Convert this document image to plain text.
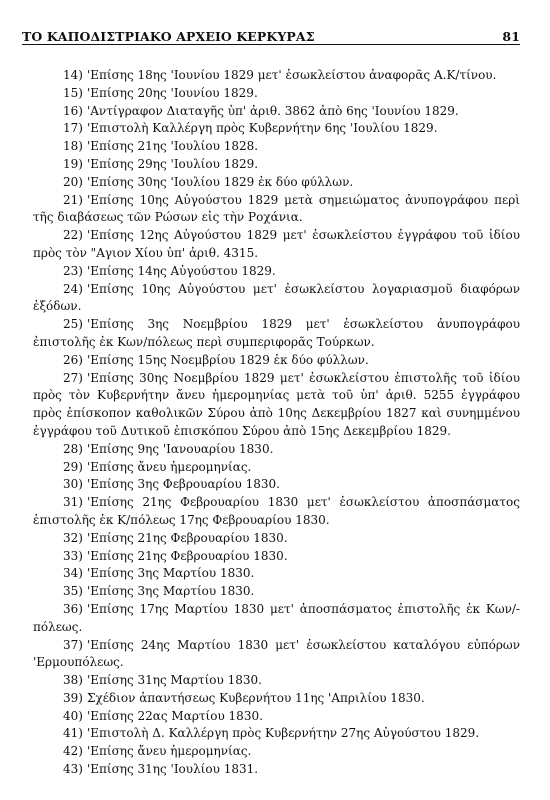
ΤΟ ΚΑΠΟΔΙΣΤΡΙΑΚΟ ΑΡΧΕΙΟ ΚΕΡΚΥΡΑΣ	81

14) 'Επίσης 18ης 'Ιουνίου 1829 μετ' ἐσωκλείστου ἀναφορᾶς Α.Κ/τίνου.

15) 'Επίσης 20ης 'Ιουνίου 1829.

16) 'Αντίγραφον Διαταγῆς ὑπ' ἀριθ. 3862 ἀπὸ 6ης 'Ιουνίου 1829.

17) 'Επιστολὴ Καλλέργη πρὸς Κυβερνήτην 6ης 'Ιουλίου 1829.

18) 'Επίσης 21ης 'Ιουλίου 1828.

19) 'Επίσης 29ης 'Ιουλίου 1829.

20) 'Επίσης 30ης 'Ιουλίου 1829 ἐκ δύο φύλλων.

21) 'Επίσης 10ης Αὐγούστου 1829 μετὰ σημειώματος ἀνυπογράφου περὶ τῆς διαβάσεως τῶν Ρώσων εἰς τὴν Ροχάνια.

22) 'Επίσης 12ης Αὐγούστου 1829 μετ' ἐσωκλείστου ἐγγράφου τοῦ ἰδίου πρὸς τὸν "Αγιον Χίου ὑπ' ἀριθ. 4315.

23) 'Επίσης 14ης Αὐγούστου 1829.

24) 'Επίσης 10ης Αὐγούστου μετ' ἐσωκλείστου λογαριασμοῦ διαφόρων ἐξόδων.

25) 'Επίσης 3ης Νοεμβρίου 1829 μετ' ἐσωκλείστου ἀνυπογράφου ἐπιστολῆς ἐκ Κων/πόλεως περὶ συμπεριφορᾶς Τούρκων.

26) 'Επίσης 15ης Νοεμβρίου 1829 ἐκ δύο φύλλων.

27) 'Επίσης 30ης Νοεμβρίου 1829 μετ' ἐσωκλείστου ἐπιστολῆς τοῦ ἰδίου πρὸς τὸν Κυβερνήτην ἄνευ ἡμερομηνίας μετὰ τοῦ ὑπ' ἀριθ. 5255 ἐγγράφου πρὸς ἐπίσκοπον καθολικῶν Σύρου ἀπὸ 10ης Δεκεμβρίου 1827 καὶ συνημμένου ἐγγράφου τοῦ Δυτικοῦ ἐπισκόπου Σύρου ἀπὸ 15ης Δεκεμβρίου 1829.

28) 'Επίσης 9ης 'Ιανουαρίου 1830.

29) 'Επίσης ἄνευ ἡμερομηνίας.

30) 'Επίσης 3ης Φεβρουαρίου 1830.

31) 'Επίσης 21ης Φεβρουαρίου 1830 μετ' ἐσωκλείστου ἀποσπάσματος ἐπιστολῆς ἐκ Κ/πόλεως 17ης Φεβρουαρίου 1830.

32) 'Επίσης 21ης Φεβρουαρίου 1830.

33) 'Επίσης 21ης Φεβρουαρίου 1830.

34) 'Επίσης 3ης Μαρτίου 1830.

35) 'Επίσης 3ης Μαρτίου 1830.

36) 'Επίσης 17ης Μαρτίου 1830 μετ' ἀποσπάσματος ἐπιστολῆς ἐκ Κων/-πόλεως.

37) 'Επίσης 24ης Μαρτίου 1830 μετ' ἐσωκλείστου καταλόγου εὐπόρων 'Ερμουπόλεως.

38) 'Επίσης 31ης Μαρτίου 1830.

39) Σχέδιον ἀπαντήσεως Κυβερνήτου 11ης 'Απριλίου 1830.

40) 'Επίσης 22ας Μαρτίου 1830.

41) 'Επιστολὴ Δ. Καλλέργη πρὸς Κυβερνήτην 27ης Αὐγούστου 1829.

42) 'Επίσης ἄνευ ἡμερομηνίας.

43) 'Επίσης 31ης 'Ιουλίου 1831.
